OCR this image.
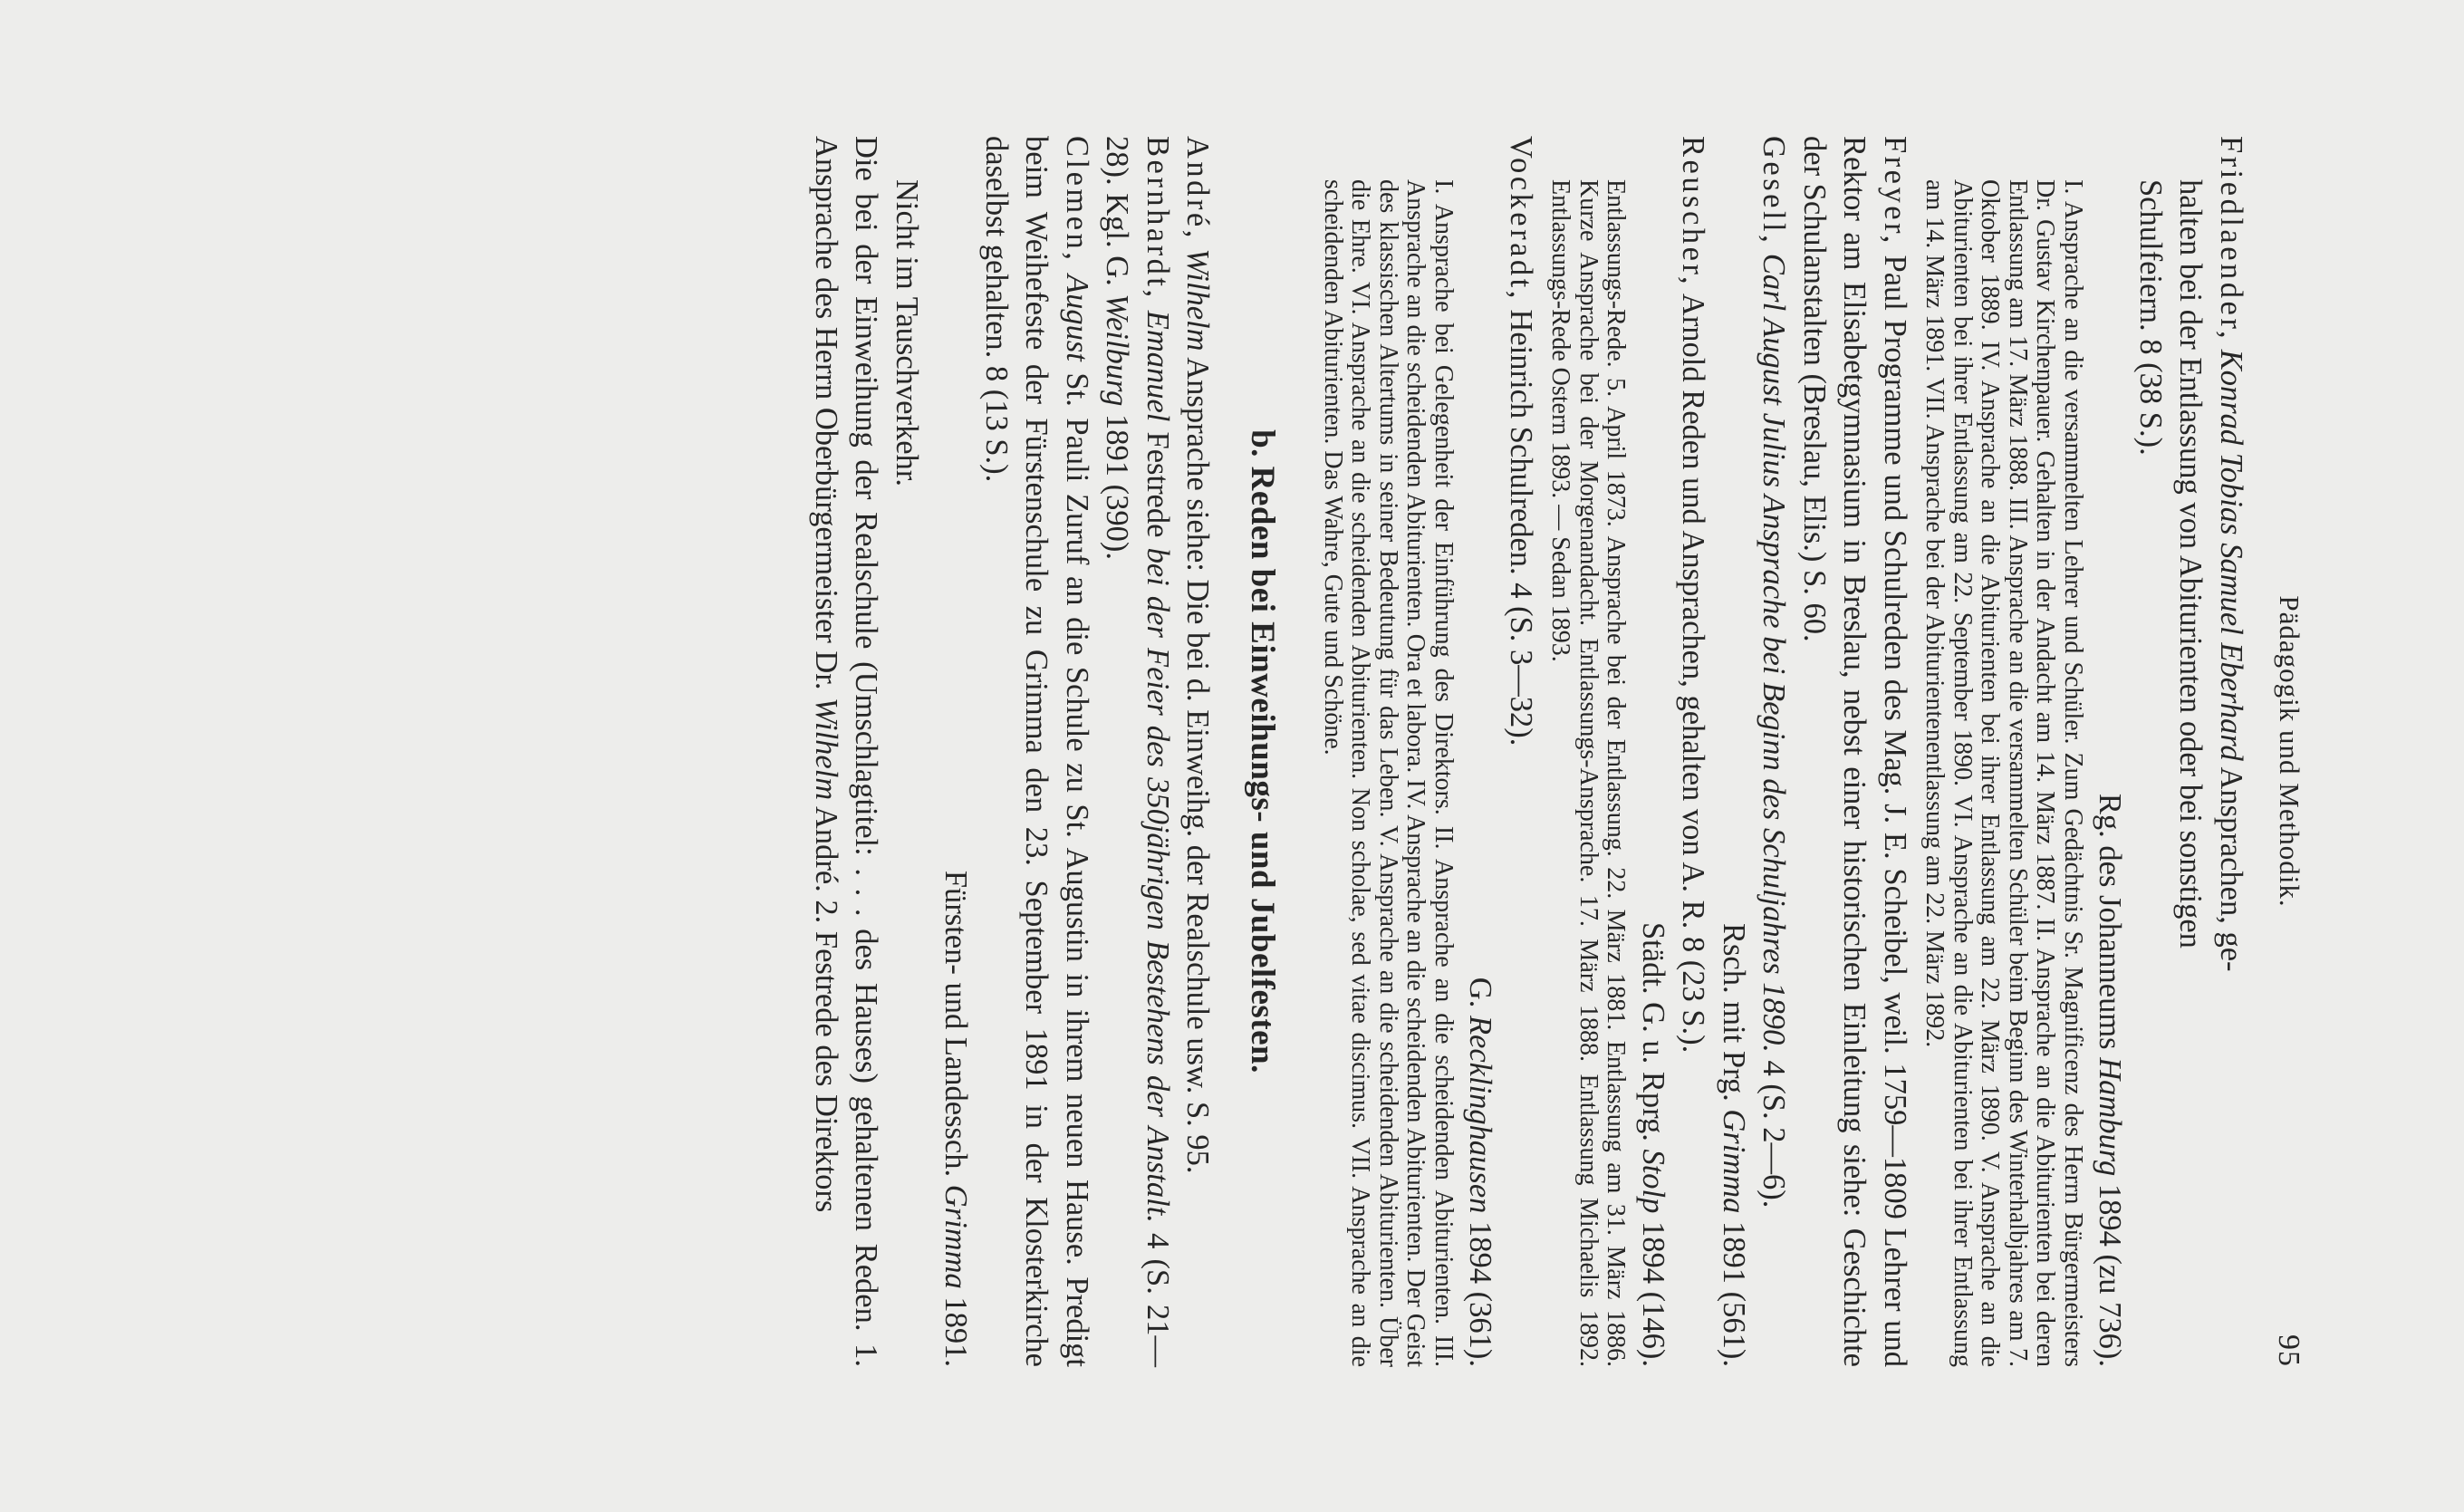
Pädagogik und Methodik.
95

Friedlaender, Konrad Tobias Samuel Eberhard Ansprachen, ge-
halten bei der Entlassung von Abiturienten oder bei sonstigen
Schulfeiern. 8 (38 S.).
Rg. des Johanneums Hamburg 1894 (zu 736).

I. Ansprache an die versammelten Lehrer und Schüler. Zum Gedächtnis Sr. Magnificenz des Herrn Bürgermeisters Dr. Gustav Kirchenpauer. Gehalten in der Andacht am 14. März 1887. II. Ansprache an die Abiturienten bei deren Entlassung am 17. März 1888. III. Ansprache an die versammelten Schüler beim Beginn des Winterhalbjahres am 7. Oktober 1889. IV. Ansprache an die Abiturienten bei ihrer Entlassung am 22. März 1890. V. Ansprache an die Abiturienten bei ihrer Entlassung am 22. September 1890. VI. Ansprache an die Abiturienten bei ihrer Entlassung am 14. März 1891. VII. Ansprache bei der Abiturientenentlassung am 22. März 1892.

Freyer, Paul Programme und Schulreden des Mag. J. E. Scheibel, weil. 1759—1809 Lehrer und Rektor am Elisabetgymnasium in Breslau, nebst einer historischen Einleitung siehe: Geschichte der Schulanstalten (Breslau, Elis.) S. 60.

Gesell, Carl August Julius Ansprache bei Beginn des Schuljahres 1890. 4 (S. 2—6).
Rsch. mit Prg. Grimma 1891 (561).

Reuscher, Arnold Reden und Ansprachen, gehalten von A. R. 8 (23 S.).
Städt. G. u. Rprg. Stolp 1894 (146).

Entlassungs-Rede. 5. April 1873. Ansprache bei der Entlassung. 22. März 1881. Entlassung am 31. März 1886. Kurze Ansprache bei der Morgenandacht. Entlassungs-Ansprache. 17. März 1888. Entlassung Michaelis 1892. Entlassungs-Rede Ostern 1893. — Sedan 1893.

Vockeradt, Heinrich Schulreden. 4 (S. 3—32).
G. Recklinghausen 1894 (361).

I. Ansprache bei Gelegenheit der Einführung des Direktors. II. Ansprache an die scheidenden Abiturienten. III. Ansprache an die scheidenden Abiturienten. Ora et labora. IV. Ansprache an die scheidenden Abiturienten. Der Geist des klassischen Altertums in seiner Bedeutung für das Leben. V. Ansprache an die scheidenden Abiturienten. Über die Ehre. VI. Ansprache an die scheidenden Abiturienten. Non scholae, sed vitae discimus. VII. Ansprache an die scheidenden Abiturienten. Das Wahre, Gute und Schöne.

b. Reden bei Einweihungs- und Jubelfesten.

André, Wilhelm Ansprache siehe: Die bei d. Einweihg. der Realschule usw. S. 95.

Bernhardt, Emanuel Festrede bei der Feier des 350jährigen Bestehens der Anstalt. 4 (S. 21—28). Kgl. G. Weilburg 1891 (390).

Clemen, August St. Pauli Zuruf an die Schule zu St. Augustin in ihrem neuen Hause. Predigt beim Weihefeste der Fürstenschule zu Grimma den 23. September 1891 in der Klosterkirche daselbst gehalten. 8 (13 S.).
Fürsten- und Landessch. Grimma 1891.

Nicht im Tauschverkehr.

Die bei der Einweihung der Realschule (Umschlagtitel: . . . des Hauses) gehaltenen Reden. 1. Ansprache des Herrn Oberbürgermeister Dr. Wilhelm André. 2. Festrede des Direktors
